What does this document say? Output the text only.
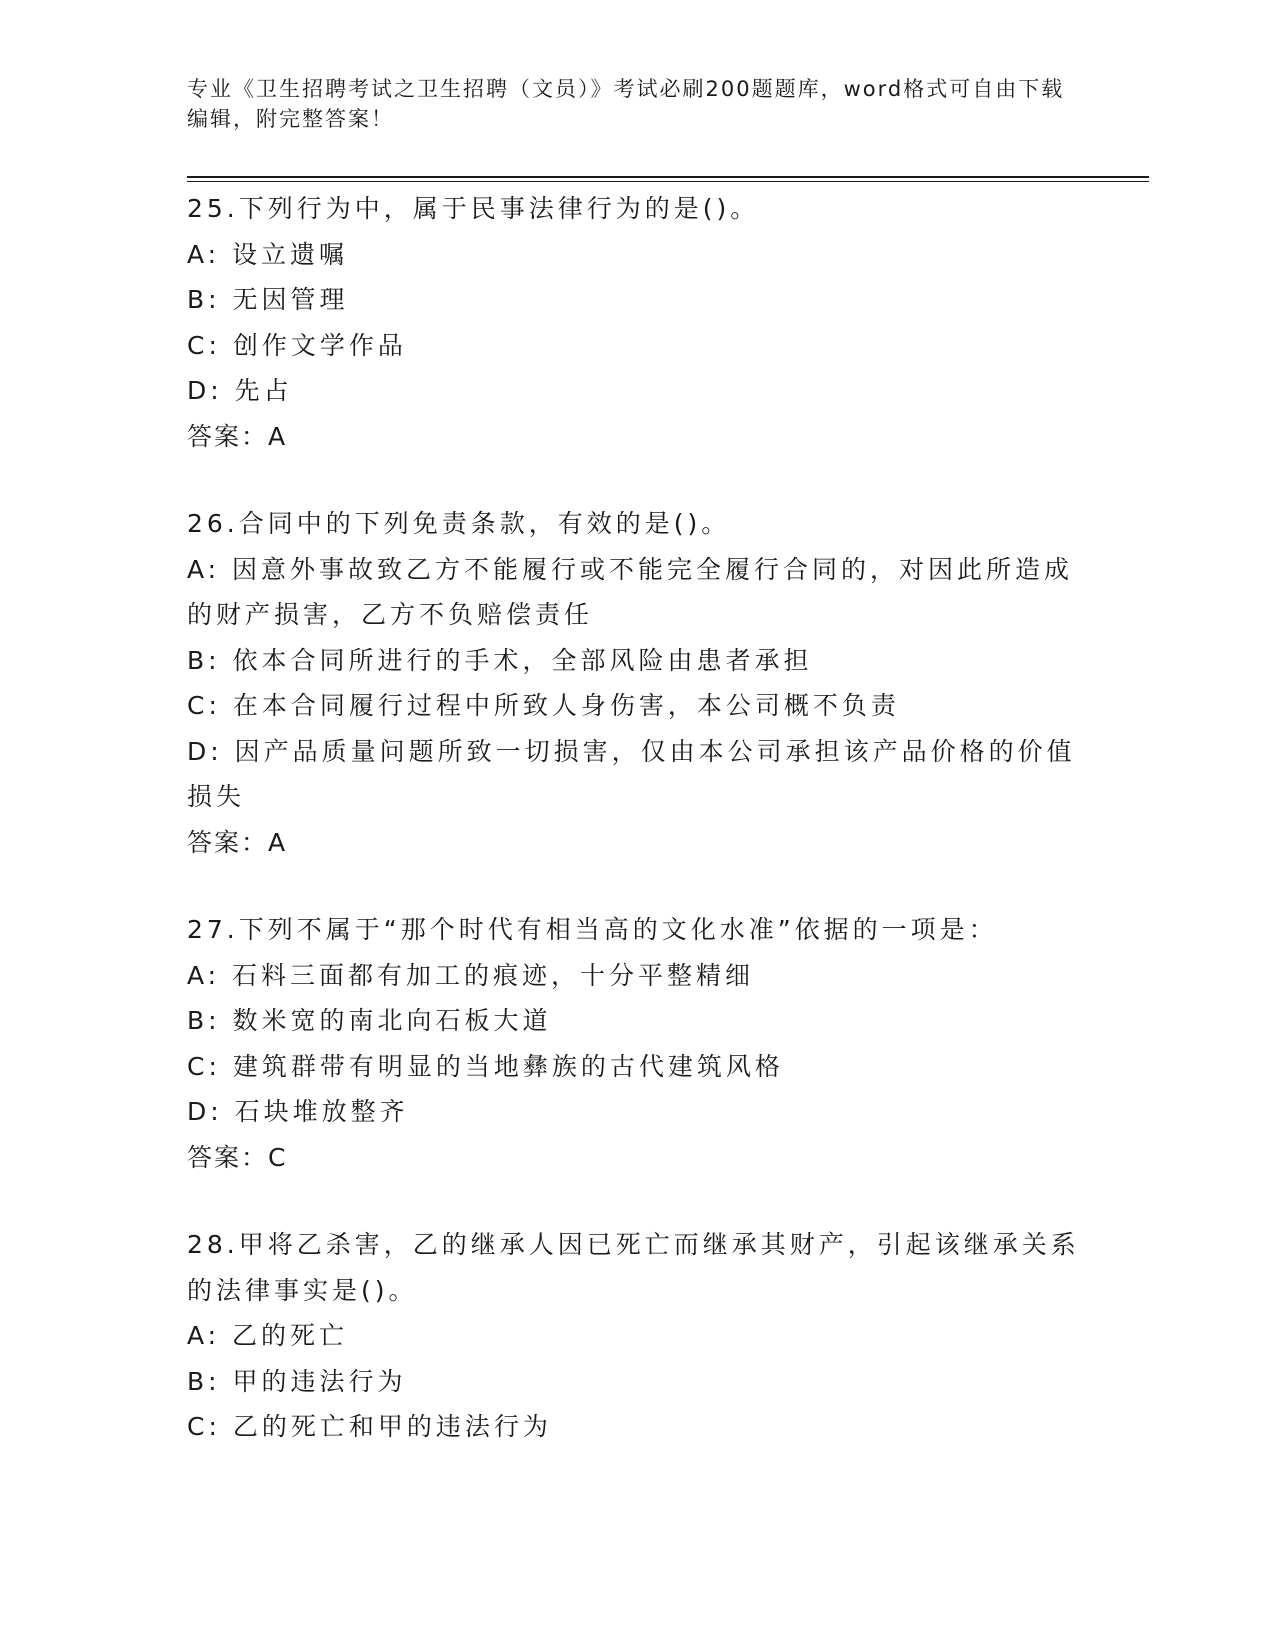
专业《卫生招聘考试之卫生招聘（文员）》考试必刷200题题库，word格式可自由下载编辑，附完整答案！
25.下列行为中，属于民事法律行为的是()。
A: 设立遗嘱
B: 无因管理
C: 创作文学作品
D: 先占
答案：A
26.合同中的下列免责条款，有效的是()。
A: 因意外事故致乙方不能履行或不能完全履行合同的，对因此所造成的财产损害，乙方不负赔偿责任
B: 依本合同所进行的手术，全部风险由患者承担
C: 在本合同履行过程中所致人身伤害，本公司概不负责
D: 因产品质量问题所致一切损害，仅由本公司承担该产品价格的价值损失
答案：A
27.下列不属于“那个时代有相当高的文化水准”依据的一项是：
A: 石料三面都有加工的痕迹，十分平整精细
B: 数米宽的南北向石板大道
C: 建筑群带有明显的当地彝族的古代建筑风格
D: 石块堆放整齐
答案：C
28.甲将乙杀害，乙的继承人因已死亡而继承其财产，引起该继承关系的法律事实是()。
A: 乙的死亡
B: 甲的违法行为
C: 乙的死亡和甲的违法行为
